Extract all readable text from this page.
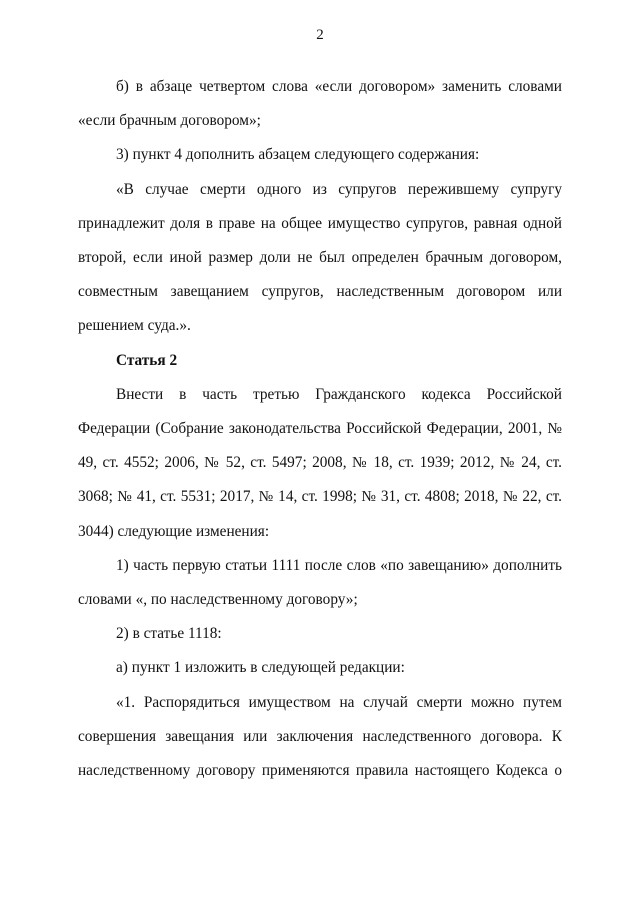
2

б) в абзаце четвертом слова «если договором» заменить словами «если брачным договором»;

3) пункт 4 дополнить абзацем следующего содержания:

«В случае смерти одного из супругов пережившему супругу принадлежит доля в праве на общее имущество супругов, равная одной второй, если иной размер доли не был определен брачным договором, совместным завещанием супругов, наследственным договором или решением суда.».

Статья 2

Внести в часть третью Гражданского кодекса Российской Федерации (Собрание законодательства Российской Федерации, 2001, № 49, ст. 4552; 2006, № 52, ст. 5497; 2008, № 18, ст. 1939; 2012, № 24, ст. 3068; № 41, ст. 5531; 2017, № 14, ст. 1998; № 31, ст. 4808; 2018, № 22, ст. 3044) следующие изменения:

1) часть первую статьи 1111 после слов «по завещанию» дополнить словами «, по наследственному договору»;

2) в статье 1118:

а) пункт 1 изложить в следующей редакции:

«1. Распорядиться имуществом на случай смерти можно путем совершения завещания или заключения наследственного договора. К наследственному договору применяются правила настоящего Кодекса о
